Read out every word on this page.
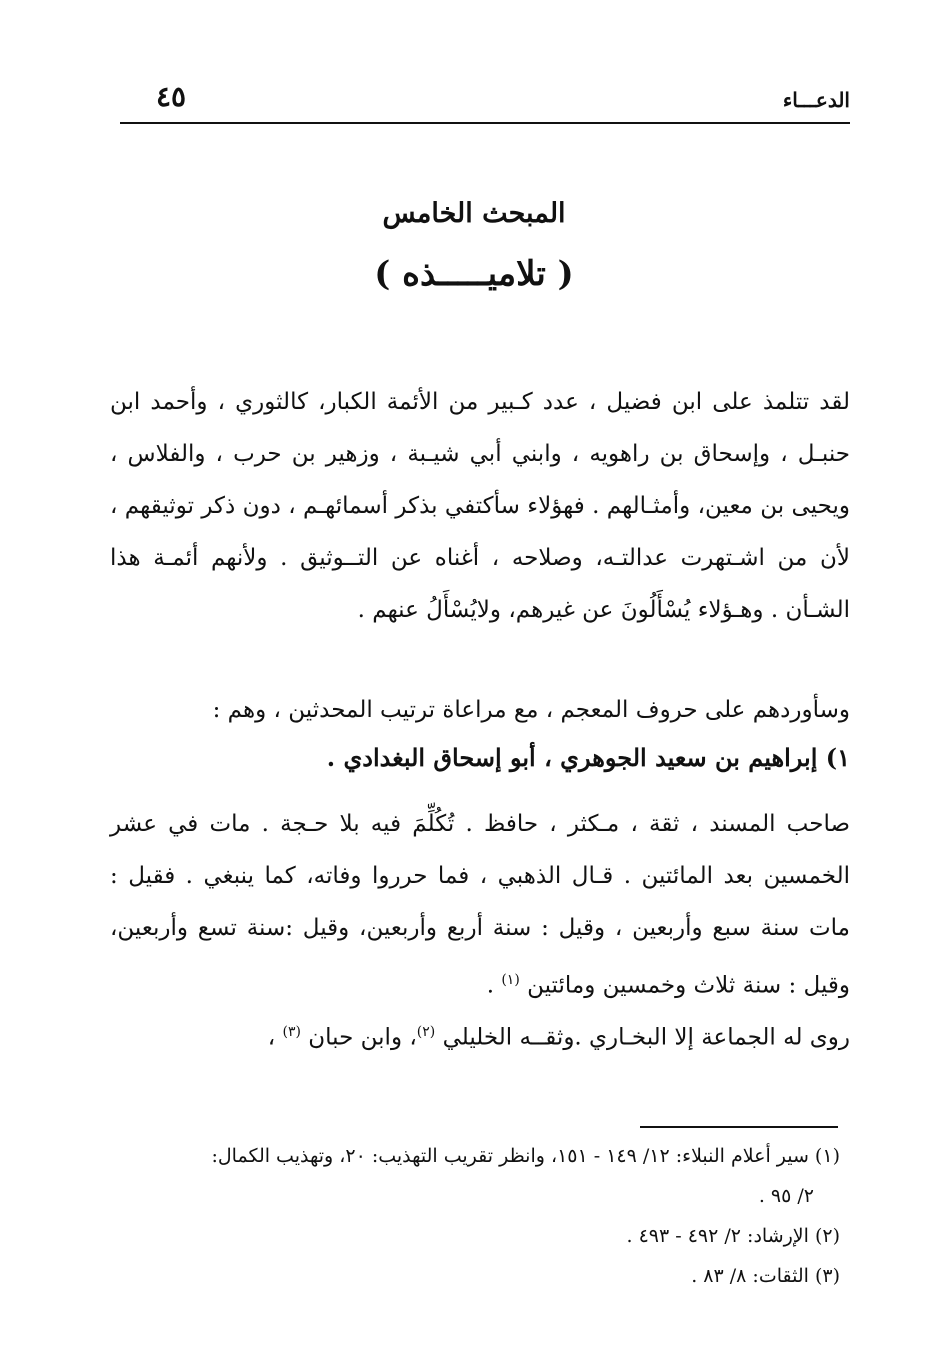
الدعـــاء
٤٥
المبحث الخامس
( تلاميـــــذه )
لقد تتلمذ على ابن فضيل ، عدد كـبير من الأئمة الكبار، كالثوري ، وأحمد ابن حنبـل ، وإسحاق بن راهويه ، وابني أبي شيـبة ، وزهير بن حرب ، والفلاس ، ويحيى بن معين، وأمثـالهم . فهؤلاء سأكتفي بذكر أسمائهـم ، دون ذكر توثيقهم ، لأن من اشـتهرت عدالتـه، وصلاحه ، أغناه عن التــوثيق . ولأنهم أئمـة هذا الشـأن . وهـؤلاء يُسْأَلُونَ عن غيرهم، ولايُسْأَلُ عنهم .
وسأوردهم على حروف المعجم ، مع مراعاة ترتيب المحدثين ، وهم :
١) إبراهيم بن سعيد الجوهري ، أبو إسحاق البغدادي .
صاحب المسند ، ثقة ، مـكثر ، حافظ . تُكُلِّمَ فيه بلا حـجة . مات في عشر الخمسين بعد المائتين . قـال الذهبي ، فما حرروا وفاته، كما ينبغي . فقيل : مات سنة سبع وأربعين ، وقيل : سنة أربع وأربعين، وقيل :سنة تسع وأربعين، وقيل : سنة ثلاث وخمسين ومائتين $^{(١)}$ .
روى له الجماعة إلا البخـاري .وثقــه الخليلي $^{(٢)}$، وابن حبان $^{(٣)}$ ،
(١) سير أعلام النبلاء: ١٢/ ١٤٩ - ١٥١، وانظر تقريب التهذيب: ٢٠، وتهذيب الكمال:
٢/ ٩٥ .
(٢) الإرشاد: ٢/ ٤٩٢ - ٤٩٣ .
(٣) الثقات: ٨/ ٨٣ .
